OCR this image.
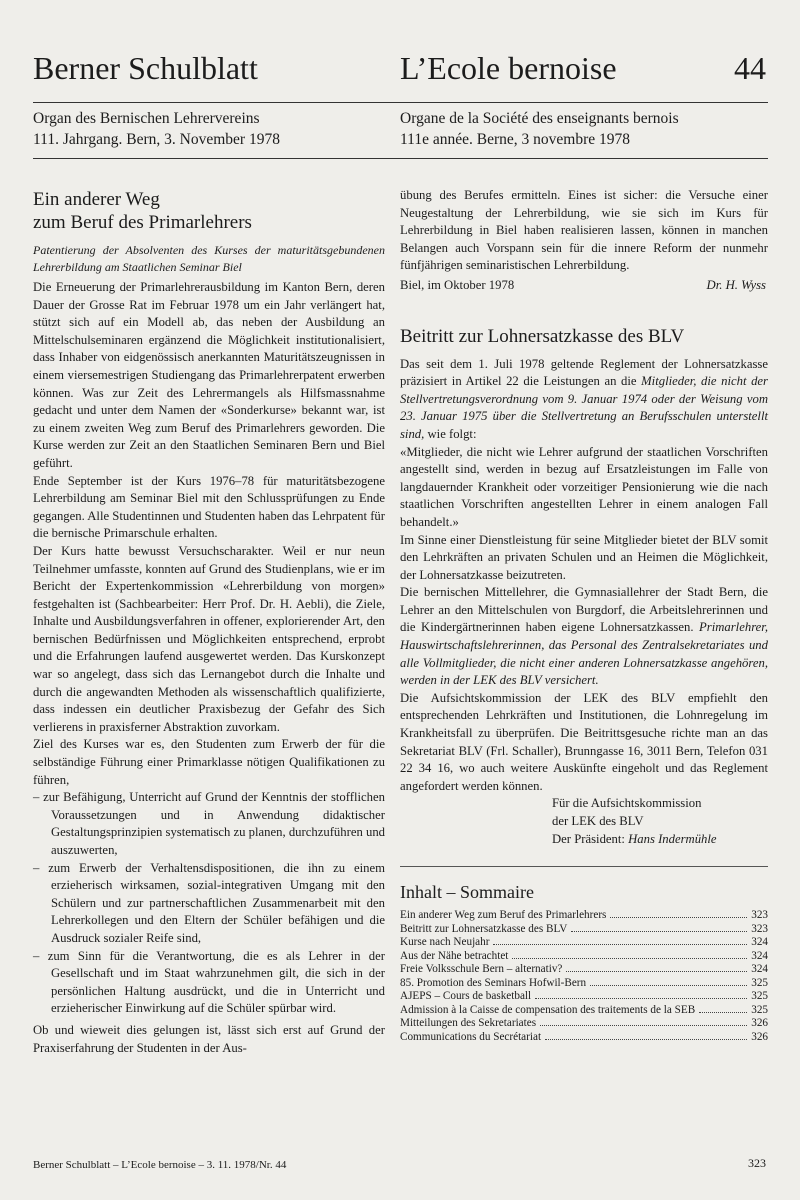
Berner Schulblatt	L’Ecole bernoise	44
Organ des Bernischen Lehrervereins
111. Jahrgang. Bern, 3. November 1978
Organe de la Société des enseignants bernois
111e année. Berne, 3 novembre 1978
Ein anderer Weg
zum Beruf des Primarlehrers

Patentierung der Absolventen des Kurses der maturitätsgebundenen Lehrerbildung am Staatlichen Seminar Biel

Die Erneuerung der Primarlehrerausbildung im Kanton Bern, deren Dauer der Grosse Rat im Februar 1978 um ein Jahr verlängert hat, stützt sich auf ein Modell ab, das neben der Ausbildung an Mittelschulseminaren ergänzend die Möglichkeit institutionalisiert, dass Inhaber von eidgenössisch anerkannten Maturitätszeugnissen in einem viersemestrigen Studiengang das Primarlehrerpatent erwerben können. Was zur Zeit des Lehrermangels als Hilfsmassnahme gedacht und unter dem Namen der «Sonderkurse» bekannt war, ist zu einem zweiten Weg zum Beruf des Primarlehrers geworden. Die Kurse werden zur Zeit an den Staatlichen Seminaren Bern und Biel geführt.

Ende September ist der Kurs 1976–78 für maturitätsbezogene Lehrerbildung am Seminar Biel mit den Schlussprüfungen zu Ende gegangen. Alle Studentinnen und Studenten haben das Lehrpatent für die bernische Primarschule erhalten.

Der Kurs hatte bewusst Versuchscharakter. Weil er nur neun Teilnehmer umfasste, konnten auf Grund des Studienplans, wie er im Bericht der Expertenkommission «Lehrerbildung von morgen» festgehalten ist (Sachbearbeiter: Herr Prof. Dr. H. Aebli), die Ziele, Inhalte und Ausbildungsverfahren in offener, explorierender Art, den bernischen Bedürfnissen und Möglichkeiten entsprechend, erprobt und die Erfahrungen laufend ausgewertet werden. Das Kurskonzept war so angelegt, dass sich das Lernangebot durch die Inhalte und durch die angewandten Methoden als wissenschaftlich qualifizierte, dass indessen ein deutlicher Praxisbezug der Gefahr des Sich verlierens in praxisferner Abstraktion zuvorkam.

Ziel des Kurses war es, den Studenten zum Erwerb der für die selbständige Führung einer Primarklasse nötigen Qualifikationen zu führen,

– zur Befähigung, Unterricht auf Grund der Kenntnis der stofflichen Voraussetzungen und in Anwendung didaktischer Gestaltungsprinzipien systematisch zu planen, durchzuführen und auszuwerten,

– zum Erwerb der Verhaltensdispositionen, die ihn zu einem erzieherisch wirksamen, sozial-integrativen Umgang mit den Schülern und zur partnerschaftlichen Zusammenarbeit mit den Lehrerkollegen und den Eltern der Schüler befähigen und die Ausdruck sozialer Reife sind,

– zum Sinn für die Verantwortung, die es als Lehrer in der Gesellschaft und im Staat wahrzunehmen gilt, die sich in der persönlichen Haltung ausdrückt, und die in Unterricht und erzieherischer Einwirkung auf die Schüler spürbar wird.

Ob und wieweit dies gelungen ist, lässt sich erst auf Grund der Praxiserfahrung der Studenten in der Aus-

übung des Berufes ermitteln. Eines ist sicher: die Versuche einer Neugestaltung der Lehrerbildung, wie sie sich im Kurs für Lehrerbildung in Biel haben realisieren lassen, können in manchen Belangen auch Vorspann sein für die innere Reform der nunmehr fünfjährigen seminaristischen Lehrerbildung.

Biel, im Oktober 1978	Dr. H. Wyss
Beitritt zur Lohnersatzkasse des BLV

Das seit dem 1. Juli 1978 geltende Reglement der Lohnersatzkasse präzisiert in Artikel 22 die Leistungen an die Mitglieder, die nicht der Stellvertretungsverordnung vom 9. Januar 1974 oder der Weisung vom 23. Januar 1975 über die Stellvertretung an Berufsschulen unterstellt sind, wie folgt:

«Mitglieder, die nicht wie Lehrer aufgrund der staatlichen Vorschriften angestellt sind, werden in bezug auf Ersatzleistungen im Falle von langdauernder Krankheit oder vorzeitiger Pensionierung wie die nach staatlichen Vorschriften angestellten Lehrer in einem analogen Fall behandelt.»

Im Sinne einer Dienstleistung für seine Mitglieder bietet der BLV somit den Lehrkräften an privaten Schulen und an Heimen die Möglichkeit, der Lohnersatzkasse beizutreten.

Die bernischen Mittellehrer, die Gymnasiallehrer der Stadt Bern, die Lehrer an den Mittelschulen von Burgdorf, die Arbeitslehrerinnen und die Kindergärtnerinnen haben eigene Lohnersatzkassen. Primarlehrer, Hauswirtschaftslehrerinnen, das Personal des Zentralsekretariates und alle Vollmitglieder, die nicht einer anderen Lohnersatzkasse angehören, werden in der LEK des BLV versichert.

Die Aufsichtskommission der LEK des BLV empfiehlt den entsprechenden Lehrkräften und Institutionen, die Lohnregelung im Krankheitsfall zu überprüfen. Die Beitrittsgesuche richte man an das Sekretariat BLV (Frl. Schaller), Brunngasse 16, 3011 Bern, Telefon 031 22 34 16, wo auch weitere Auskünfte eingeholt und das Reglement angefordert werden können.

Für die Aufsichtskommission
der LEK des BLV
Der Präsident: Hans Indermühle
Inhalt – Sommaire
Ein anderer Weg zum Beruf des Primarlehrers	323
Beitritt zur Lohnersatzkasse des BLV	323
Kurse nach Neujahr	324
Aus der Nähe betrachtet	324
Freie Volksschule Bern – alternativ?	324
85. Promotion des Seminars Hofwil-Bern	325
AJEPS – Cours de basketball	325
Admission à la Caisse de compensation des traitements de la SEB	325
Mitteilungen des Sekretariates	326
Communications du Secrétariat	326
Berner Schulblatt – L’Ecole bernoise – 3. 11. 1978/Nr. 44	323
